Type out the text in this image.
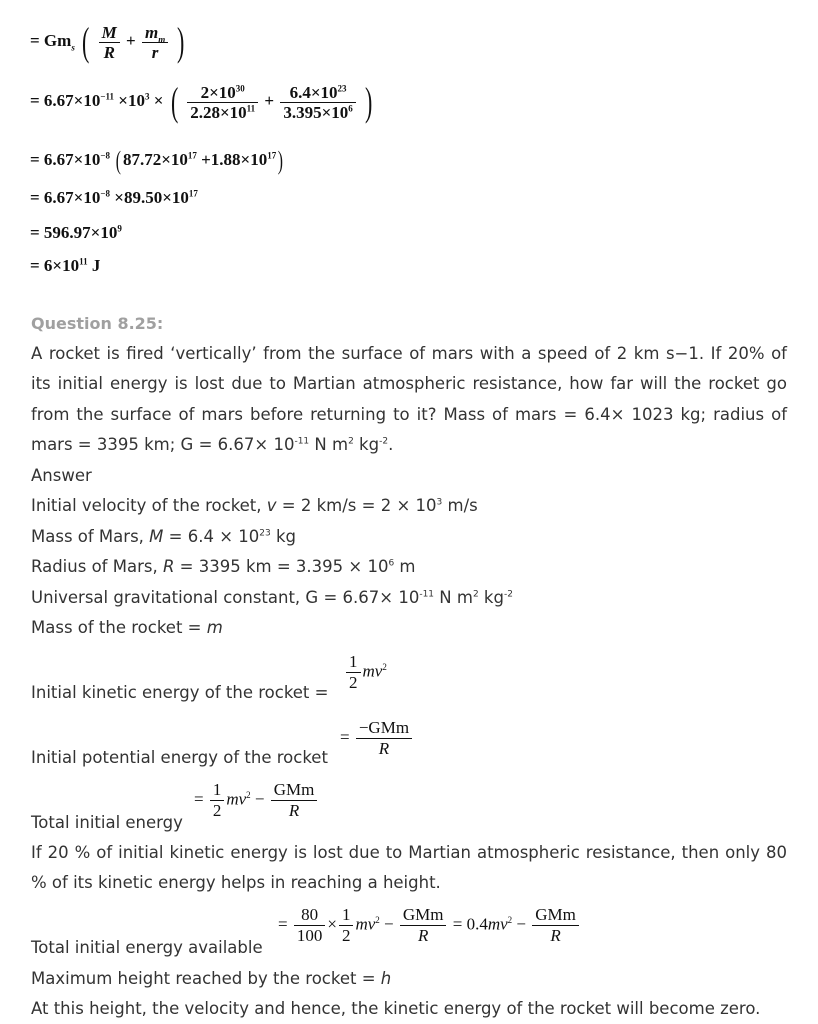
= $Gm_s$ ( $\frac{M}{R} + \frac{m_m}{r}$ )
= $6.67\times 10^{-11} \times 10^3$ × ( $\frac{2\times 10^{30}}{2.28\times 10^{11}} + \frac{6.4\times 10^{23}}{3.395\times 10^6}$ )
= $6.67\times 10^{-8}$ ( $87.72\times 10^{17} +1.88\times 10^{17}$)
= $6.67\times 10^{-8} \times 89.50\times 10^{17}$
= $596.97\times 10^9$
= $6\times 10^{11}$ J
Question 8.25:
A rocket is fired ‘vertically’ from the surface of mars with a speed of 2 km s−1. If 20% of its initial energy is lost due to Martian atmospheric resistance, how far will the rocket go from the surface of mars before returning to it? Mass of mars = 6.4× 1023 kg; radius of mars = 3395 km; $G = 6.67\times 10^{-11}$ N $m^2$ $kg^{-2}$.
Answer
Initial velocity of the rocket, v = 2 $km/s = 2 \times 10^3$ m/s
Mass of Mars, $M = 6.4 \times 10^{23}$ kg
Radius of Mars, R = 3395 km = $3.395 \times 10^6$ m
Universal gravitational constant, $G = 6.67\times 10^{-11}$ N $m^2$ $kg^{-2}$
Mass of the rocket = m
Initial kinetic energy of the rocket = $\frac{1}{2} mv^2$
Initial potential energy of the rocket
= $\frac{\text{−GMm}}{R}$
Total initial energy
= $\frac{1}{2} mv^2 - \frac{\text{GMm}}{R}$
If 20 % of initial kinetic energy is lost due to Martian atmospheric resistance, then only 80 % of its kinetic energy helps in reaching a height.
Total initial energy available
= $\frac{80}{100} \times \frac{1}{2} mv^2 - \frac{\text{GMm}}{R} = 0.4mv^2 - \frac{\text{GMm}}{R}$
Maximum height reached by the rocket = h
At this height, the velocity and hence, the kinetic energy of the rocket will become zero.
